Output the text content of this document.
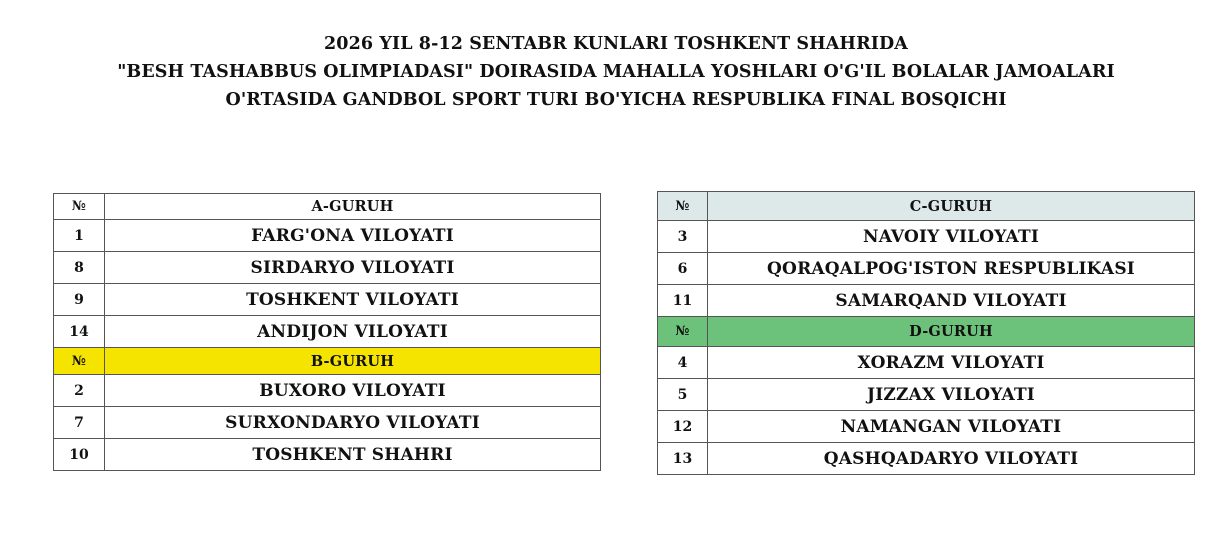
2026 YIL 8-12 SENTABR KUNLARI TOSHKENT SHAHRIDA
"BESH TASHABBUS OLIMPIADASI" DOIRASIDA MAHALLA YOSHLARI O'G'IL BOLALAR JAMOALARI
O'RTASIDA GANDBOL SPORT TURI BO'YICHA RESPUBLIKA FINAL BOSQICHI
№	A-GURUH
1	FARG'ONA VILOYATI
8	SIRDARYO VILOYATI
9	TOSHKENT VILOYATI
14	ANDIJON VILOYATI
№	B-GURUH
2	BUXORO VILOYATI
7	SURXONDARYO VILOYATI
10	TOSHKENT SHAHRI
№	C-GURUH
3	NAVOIY VILOYATI
6	QORAQALPOG'ISTON RESPUBLIKASI
11	SAMARQAND VILOYATI
№	D-GURUH
4	XORAZM VILOYATI
5	JIZZAX VILOYATI
12	NAMANGAN VILOYATI
13	QASHQADARYO VILOYATI
